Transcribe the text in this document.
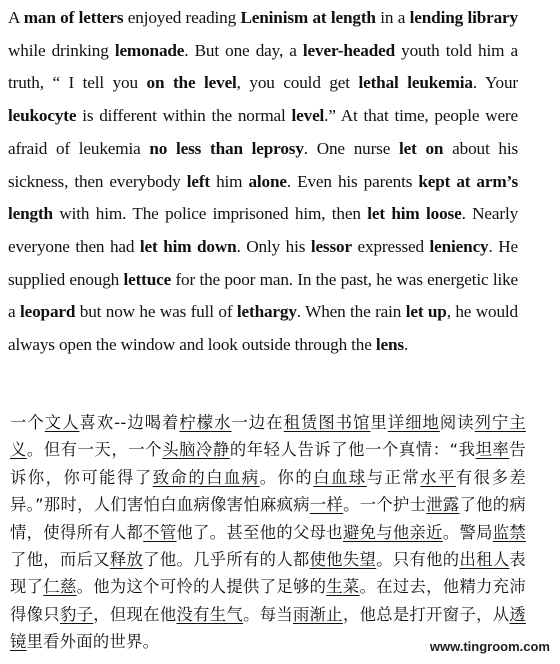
A man of letters enjoyed reading Leninism at length in a lending library while drinking lemonade. But one day, a lever-headed youth told him a truth, “ I tell you on the level, you could get lethal leukemia. Your leukocyte is different within the normal level.” At that time, people were afraid of leukemia no less than leprosy. One nurse let on about his sickness, then everybody left him alone. Even his parents kept at arm’s length with him. The police imprisoned him, then let him loose. Nearly everyone then had let him down. Only his lessor expressed leniency. He supplied enough lettuce for the poor man. In the past, he was energetic like a leopard but now he was full of lethargy. When the rain let up, he would always open the window and look outside through the lens.
一个文人喜欢--边喝着柠檬水一边在租赁图书馆里详细地阅读列宁主义。但有一天，一个头脑冷静的年轻人告诉了他一个真情：“我坦率告诉你，你可能得了致命的白血病。你的白血球与正常水平有很多差异。”那时，人们害怕白血病像害怕麻疯病一样。一个护士泄露了他的病情，使得所有人都不管他了。甚至他的父母也避免与他亲近。警局监禁了他，而后又释放了他。几乎所有的人都使他失望。只有他的出租人表现了仁慈。他为这个可怜的人提供了足够的生菜。在过去，他精力充沛得像只豹子，但现在他没有生气。每当雨渐止，他总是打开窗子，从透镜里看外面的世界。	www.tingroom.com
